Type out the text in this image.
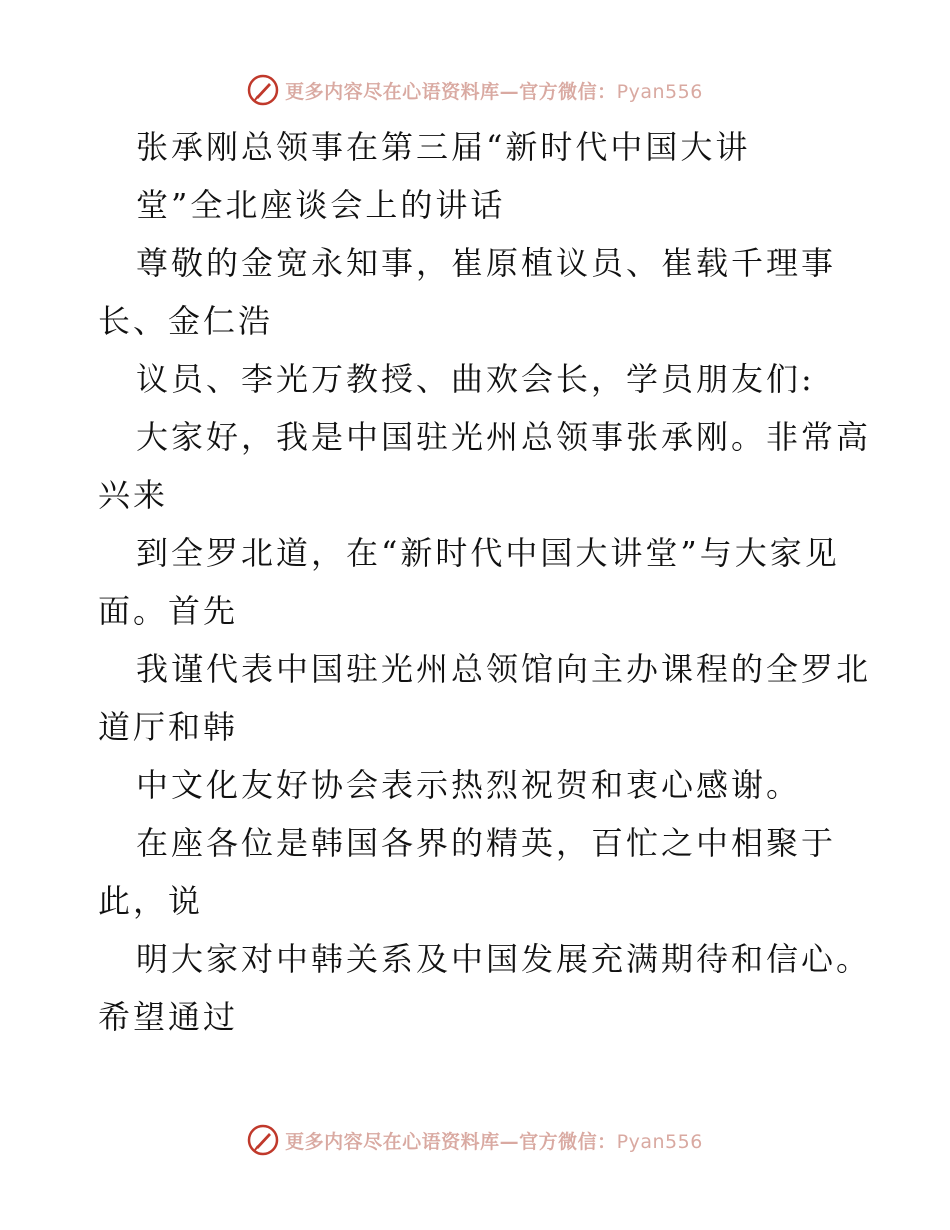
更多内容尽在心语资料库—官方微信：Pyan556
张承刚总领事在第三届“新时代中国大讲
堂”全北座谈会上的讲话
尊敬的金宽永知事，崔原植议员、崔载千理事
长、金仁浩
议员、李光万教授、曲欢会长，学员朋友们:
大家好，我是中国驻光州总领事张承刚。非常高
兴来
到全罗北道，在“新时代中国大讲堂”与大家见
面。首先
我谨代表中国驻光州总领馆向主办课程的全罗北
道厅和韩
中文化友好协会表示热烈祝贺和衷心感谢。
在座各位是韩国各界的精英，百忙之中相聚于
此，说
明大家对中韩关系及中国发展充满期待和信心。
希望通过
更多内容尽在心语资料库—官方微信：Pyan556
